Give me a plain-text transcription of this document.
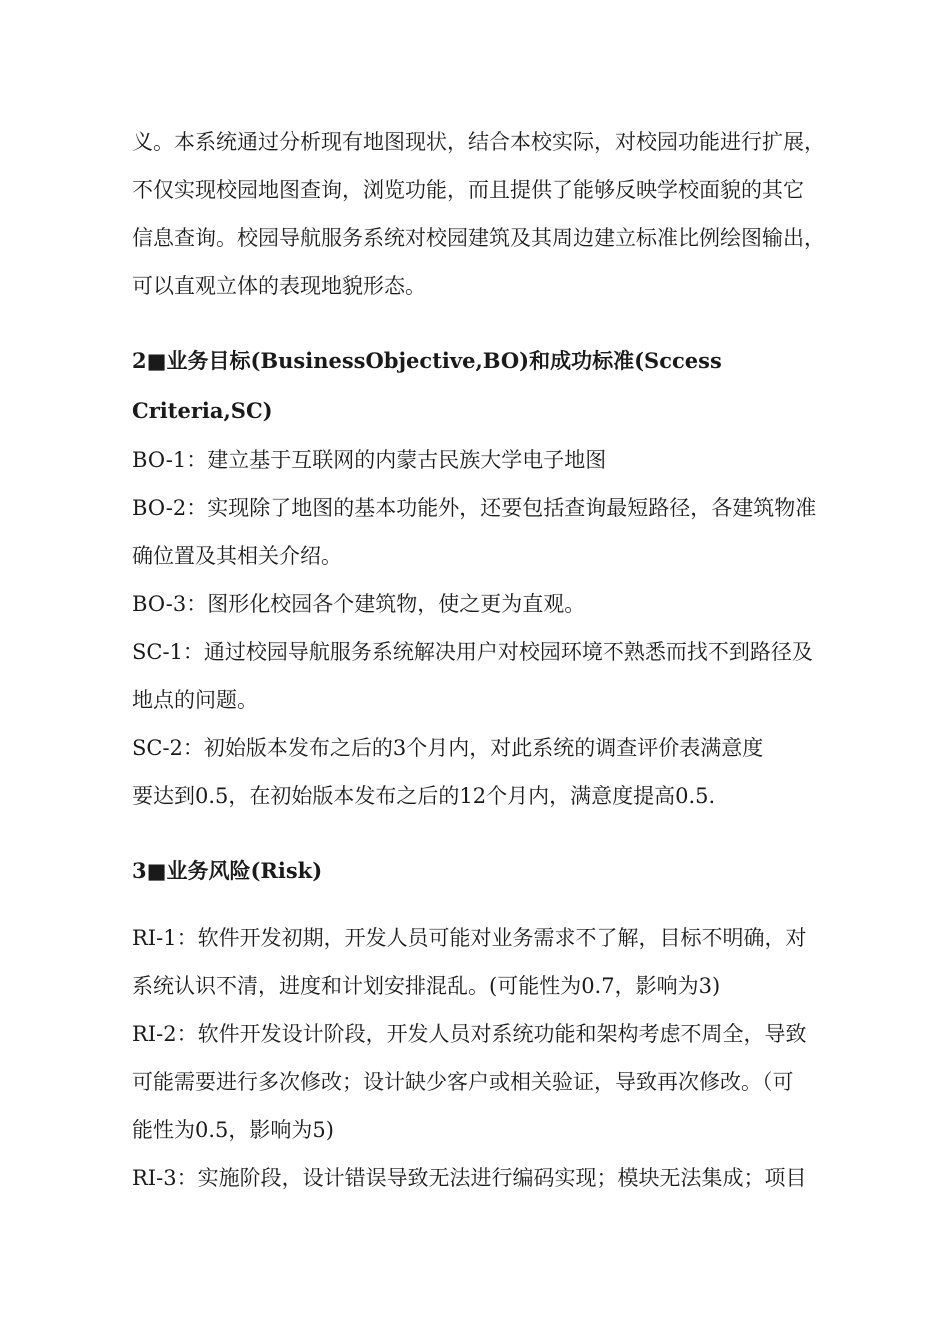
义。本系统通过分析现有地图现状，结合本校实际，对校园功能进行扩展，

不仅实现校园地图查询，浏览功能，而且提供了能够反映学校面貌的其它

信息查询。校园导航服务系统对校园建筑及其周边建立标准比例绘图输出，

可以直观立体的表现地貌形态。

2■业务目标(BusinessObjective,BO)和成功标准(Sccess

Criteria,SC)

BO-1：建立基于互联网的内蒙古民族大学电子地图

BO-2：实现除了地图的基本功能外，还要包括查询最短路径，各建筑物准

确位置及其相关介绍。

BO-3：图形化校园各个建筑物，使之更为直观。

SC-1：通过校园导航服务系统解决用户对校园环境不熟悉而找不到路径及

地点的问题。

SC-2：初始版本发布之后的3个月内，对此系统的调查评价表满意度

要达到0.5，在初始版本发布之后的12个月内，满意度提高0.5.

3■业务风险(Risk)

RI-1：软件开发初期，开发人员可能对业务需求不了解，目标不明确，对

系统认识不清，进度和计划安排混乱。(可能性为0.7，影响为3)

RI-2：软件开发设计阶段，开发人员对系统功能和架构考虑不周全，导致

可能需要进行多次修改；设计缺少客户或相关验证，导致再次修改。（可

能性为0.5，影响为5)

RI-3：实施阶段，设计错误导致无法进行编码实现；模块无法集成；项目
